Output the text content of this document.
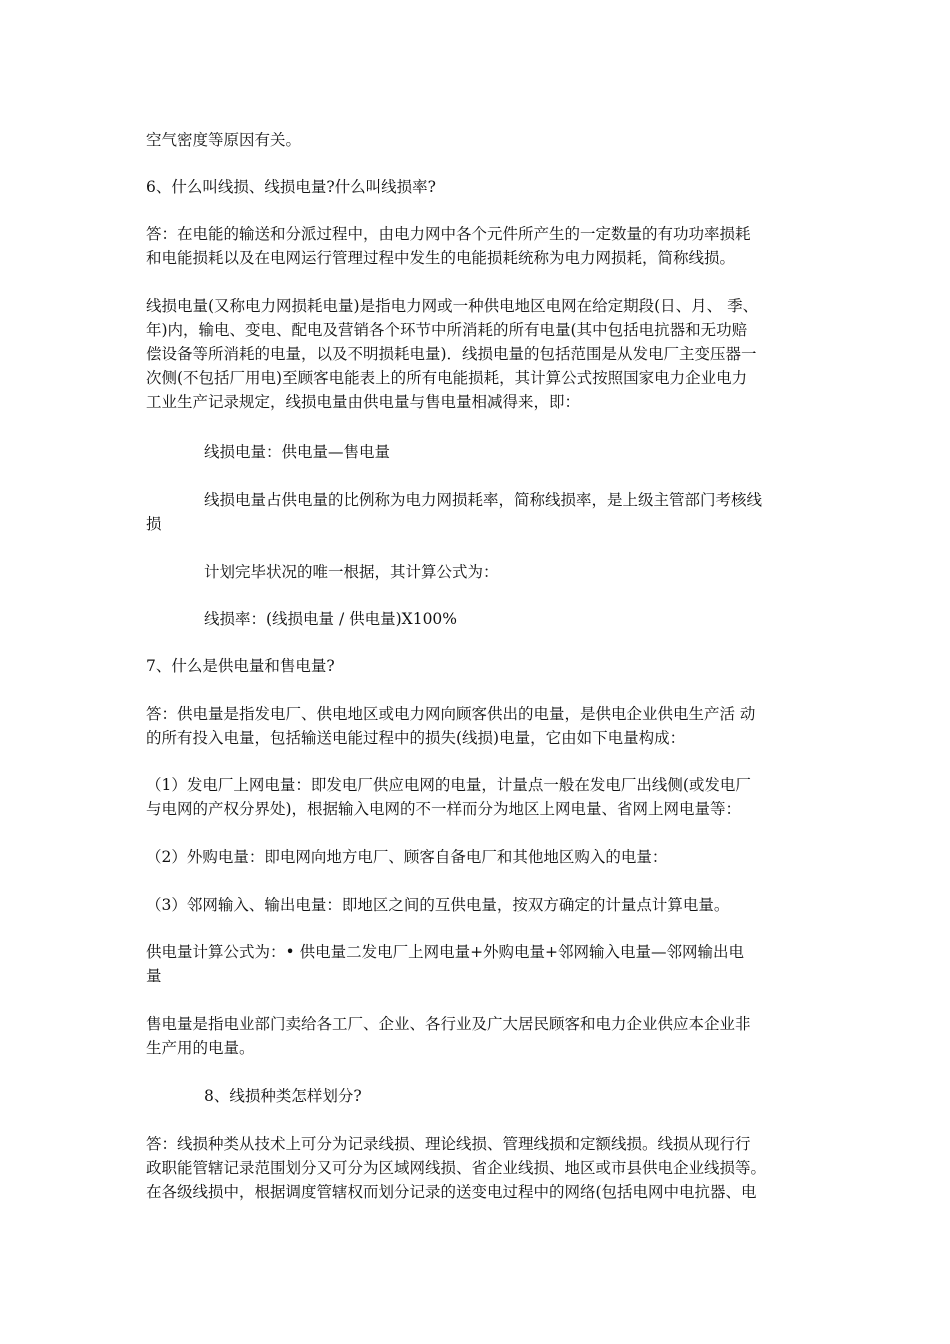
空气密度等原因有关。

6、什么叫线损、线损电量?什么叫线损率?

答：在电能的输送和分派过程中，由电力网中各个元件所产生的一定数量的有功功率损耗
和电能损耗以及在电网运行管理过程中发生的电能损耗统称为电力网损耗，简称线损。

线损电量(又称电力网损耗电量)是指电力网或一种供电地区电网在给定期段(日、月、 季、
年)内，输电、变电、配电及营销各个环节中所消耗的所有电量(其中包括电抗器和无功赔
偿设备等所消耗的电量，以及不明损耗电量)．线损电量的包括范围是从发电厂主变压器一
次侧(不包括厂用电)至顾客电能表上的所有电能损耗，其计算公式按照国家电力企业电力
工业生产记录规定，线损电量由供电量与售电量相减得来，即：

线损电量：供电量—售电量

线损电量占供电量的比例称为电力网损耗率，简称线损率，是上级主管部门考核线

损

计划完毕状况的唯一根据，其计算公式为：

线损率：(线损电量 / 供电量)X100%

7、什么是供电量和售电量?

答：供电量是指发电厂、供电地区或电力网向顾客供出的电量，是供电企业供电生产活 动
的所有投入电量，包括输送电能过程中的损失(线损)电量，它由如下电量构成：

（1）发电厂上网电量：即发电厂供应电网的电量，计量点一般在发电厂出线侧(或发电厂
与电网的产权分界处)，根据输入电网的不一样而分为地区上网电量、省网上网电量等：

（2）外购电量：即电网向地方电厂、顾客自备电厂和其他地区购入的电量：

（3）邻网输入、输出电量：即地区之间的互供电量，按双方确定的计量点计算电量。

供电量计算公式为：• 供电量二发电厂上网电量+外购电量+邻网输入电量—邻网输出电
量

售电量是指电业部门卖给各工厂、企业、各行业及广大居民顾客和电力企业供应本企业非
生产用的电量。

8、线损种类怎样划分?

答：线损种类从技术上可分为记录线损、理论线损、管理线损和定额线损。线损从现行行
政职能管辖记录范围划分又可分为区域网线损、省企业线损、地区或市县供电企业线损等。
在各级线损中，根据调度管辖权而划分记录的送变电过程中的网络(包括电网中电抗器、电
